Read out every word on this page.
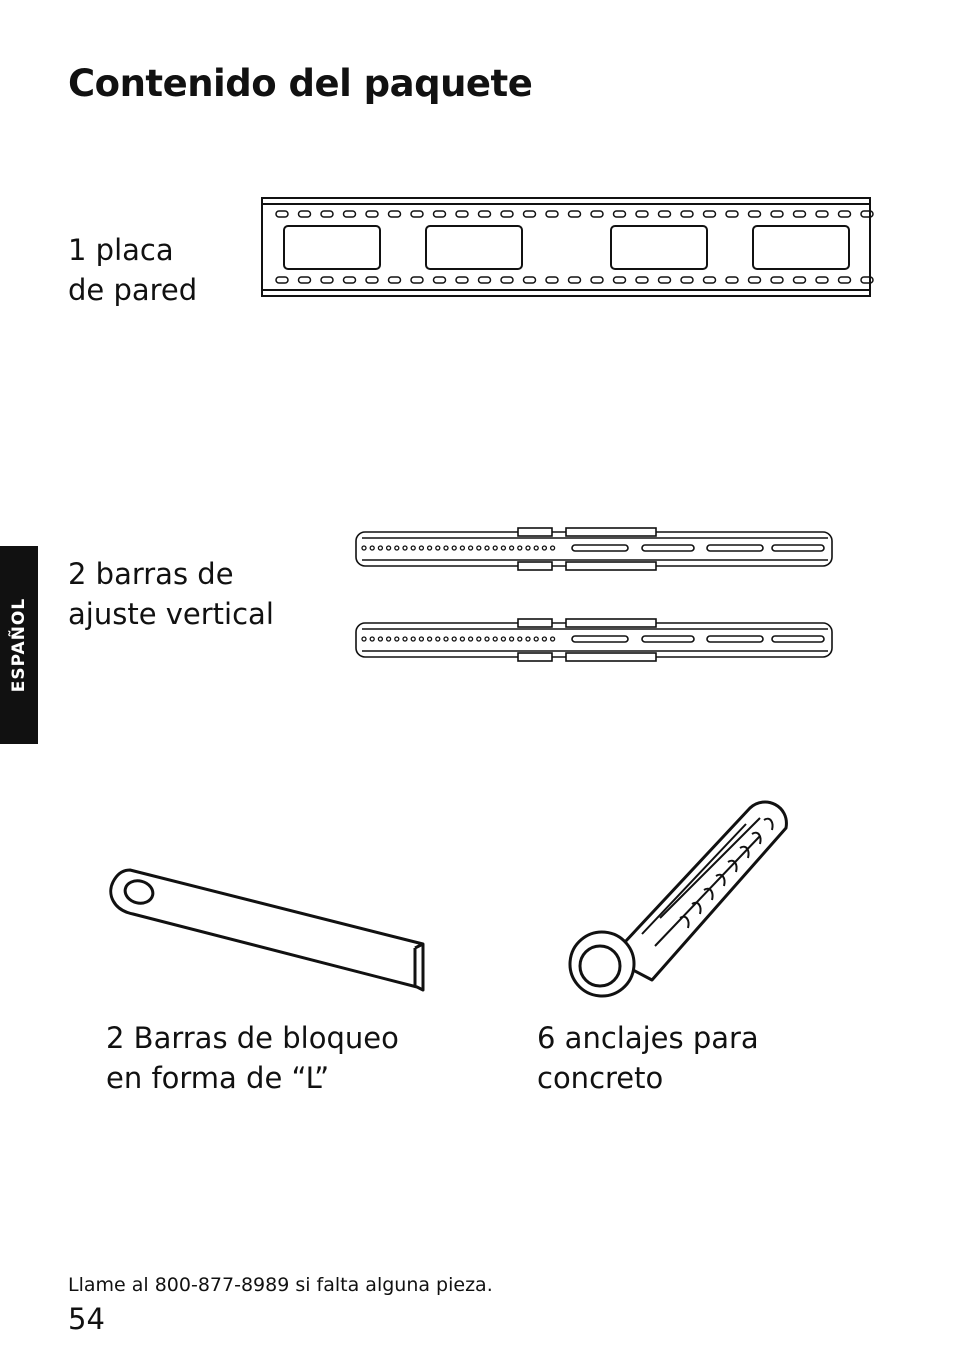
Contenido del paquete
ESPAÑOL
1 placa
de pared
2 barras de
ajuste vertical
2 Barras de bloqueo
en forma de “L”
6 anclajes para
concreto
Llame al 800-877-8989 si falta alguna pieza.
54
